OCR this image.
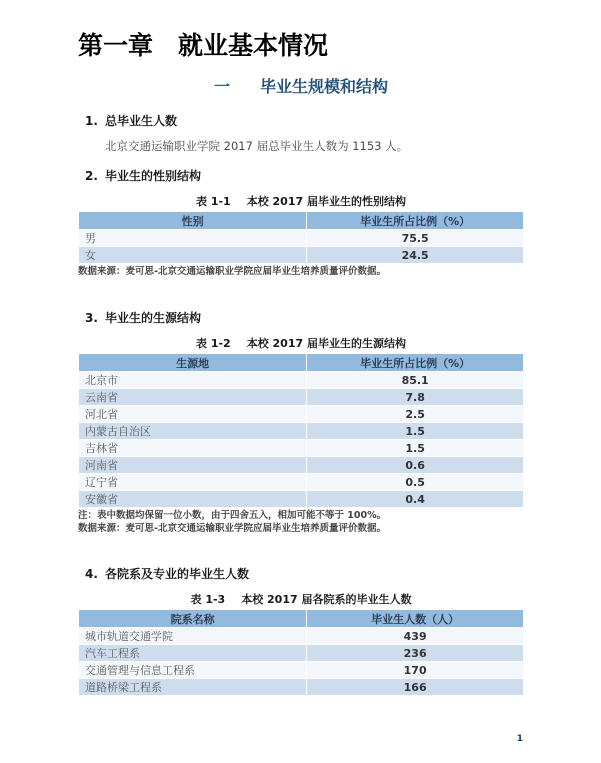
第一章　就业基本情况
一 毕业生规模和结构
1. 总毕业生人数

北京交通运输职业学院 2017 届总毕业生人数为 1153 人。

2. 毕业生的性别结构
表 1-1 本校 2017 届毕业生的性别结构
性别	毕业生所占比例（%）
男	75.5
女	24.5
数据来源：麦可思-北京交通运输职业学院应届毕业生培养质量评价数据。
3. 毕业生的生源结构
表 1-2 本校 2017 届毕业生的生源结构
生源地	毕业生所占比例（%）
北京市	85.1
云南省	7.8
河北省	2.5
内蒙古自治区	1.5
吉林省	1.5
河南省	0.6
辽宁省	0.5
安徽省	0.4
注：表中数据均保留一位小数，由于四舍五入，相加可能不等于 100%。
数据来源：麦可思-北京交通运输职业学院应届毕业生培养质量评价数据。
4. 各院系及专业的毕业生人数
表 1-3 本校 2017 届各院系的毕业生人数
院系名称	毕业生人数（人）
城市轨道交通学院	439
汽车工程系	236
交通管理与信息工程系	170
道路桥梁工程系	166
1
